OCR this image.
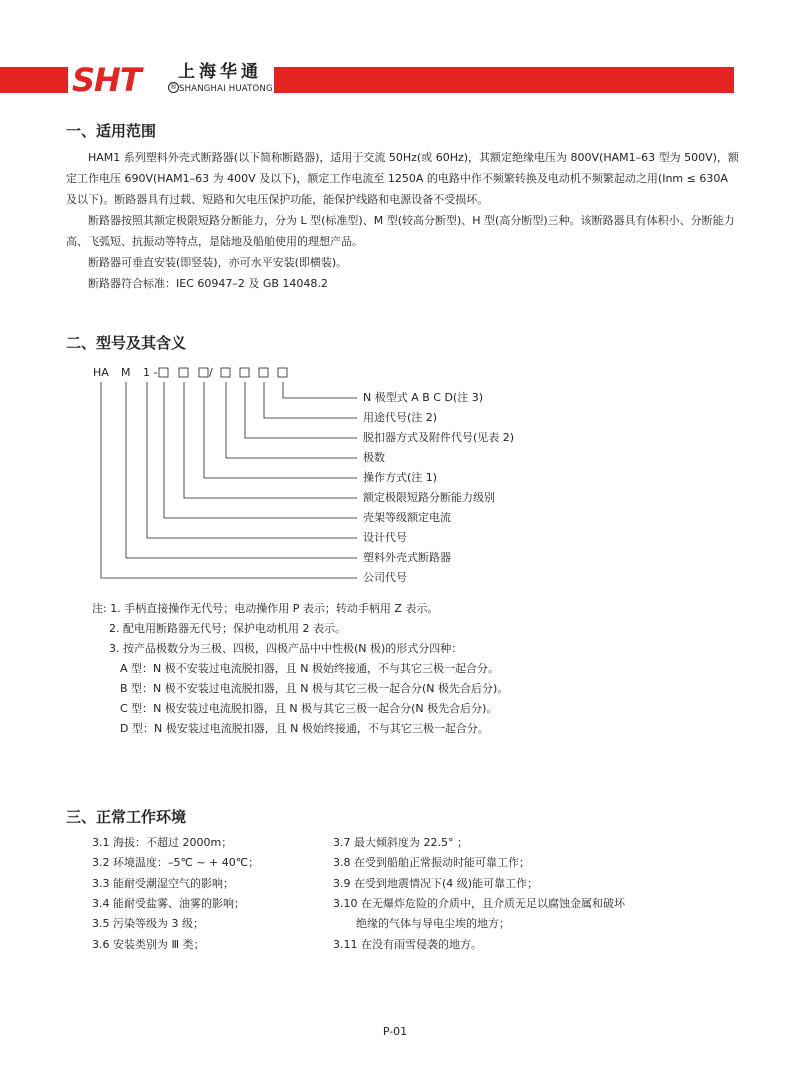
SHT	®
上海华通
SHANGHAI HUATONG
一、适用范围
HAM1 系列塑料外壳式断路器(以下简称断路器)，适用于交流 50Hz(或 60Hz)，其额定绝缘电压为 800V(HAM1–63 型为 500V)，额定工作电压 690V(HAM1–63 为 400V 及以下)，额定工作电流至 1250A 的电路中作不频繁转换及电动机不频繁起动之用(Inm ≤ 630A 及以下)。断路器具有过载、短路和欠电压保护功能，能保护线路和电源设备不受损坏。
断路器按照其额定极限短路分断能力，分为 L 型(标准型)、M 型(较高分断型)、H 型(高分断型)三种。该断路器具有体积小、分断能力高、飞弧短、抗振动等特点，是陆地及船舶使用的理想产品。
断路器可垂直安装(即竖装)，亦可水平安装(即横装)。
断路器符合标准：IEC 60947–2 及 GB 14048.2
二、型号及其含义
HA M 1 -	/
N 极型式 A B C D(注 3)
用途代号(注 2)
脱扣器方式及附件代号(见表 2)
极数
操作方式(注 1)
额定极限短路分断能力级别
壳架等级额定电流
设计代号
塑料外壳式断路器
公司代号
注: 1. 手柄直接操作无代号；电动操作用 P 表示；转动手柄用 Z 表示。
2. 配电用断路器无代号；保护电动机用 2 表示。
3. 按产品极数分为三极、四极，四极产品中中性极(N 极)的形式分四种：
A 型：N 极不安装过电流脱扣器，且 N 极始终接通，不与其它三极一起合分。
B 型：N 极不安装过电流脱扣器，且 N 极与其它三极一起合分(N 极先合后分)。
C 型：N 极安装过电流脱扣器，且 N 极与其它三极一起合分(N 极先合后分)。
D 型：N 极安装过电流脱扣器，且 N 极始终接通，不与其它三极一起合分。
三、正常工作环境
3.1 海拔：不超过 2000m；
3.2 环境温度：–5℃ ~ + 40℃；
3.3 能耐受潮湿空气的影响；
3.4 能耐受盐雾、油雾的影响；
3.5 污染等级为 3 级；
3.6 安装类别为 Ⅲ 类；
3.7 最大倾斜度为 22.5° ；
3.8 在受到船舶正常振动时能可靠工作；
3.9 在受到地震情况下(4 级)能可靠工作；
3.10 在无爆炸危险的介质中，且介质无足以腐蚀金属和破坏
绝缘的气体与导电尘埃的地方；
3.11 在没有雨雪侵袭的地方。
P-01
